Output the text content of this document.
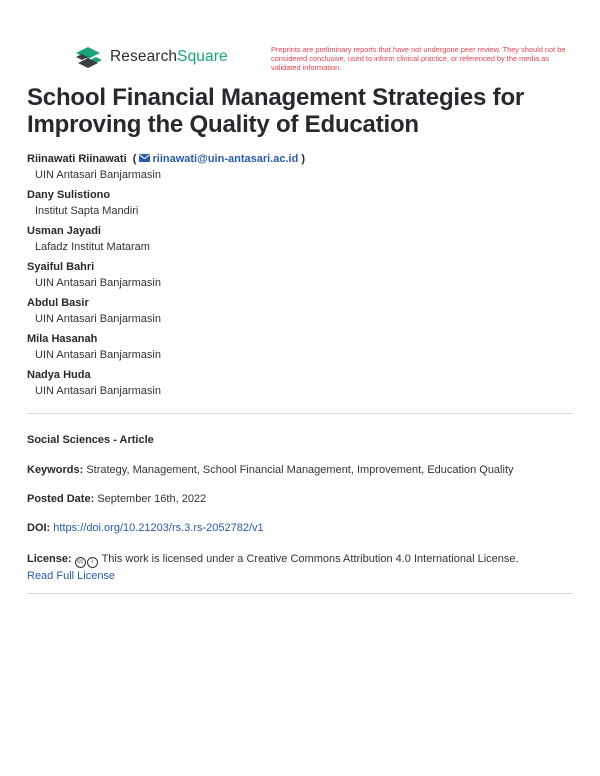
ResearchSquare	Preprints are preliminary reports that have not undergone peer review. They should not be considered conclusive, used to inform clinical practice, or referenced by the media as validated information.
School Financial Management Strategies for Improving the Quality of Education
Riinawati Riinawati  ( riinawati@uin-antasari.ac.id )
UIN Antasari Banjarmasin
Dany Sulistiono
Institut Sapta Mandiri
Usman Jayadi
Lafadz Institut Mataram
Syaiful Bahri
UIN Antasari Banjarmasin
Abdul Basir
UIN Antasari Banjarmasin
Mila Hasanah
UIN Antasari Banjarmasin
Nadya Huda
UIN Antasari Banjarmasin
Social Sciences - Article
Keywords: Strategy, Management, School Financial Management, Improvement, Education Quality
Posted Date: September 16th, 2022
DOI: https://doi.org/10.21203/rs.3.rs-2052782/v1
License: cc i This work is licensed under a Creative Commons Attribution 4.0 International License.
Read Full License
